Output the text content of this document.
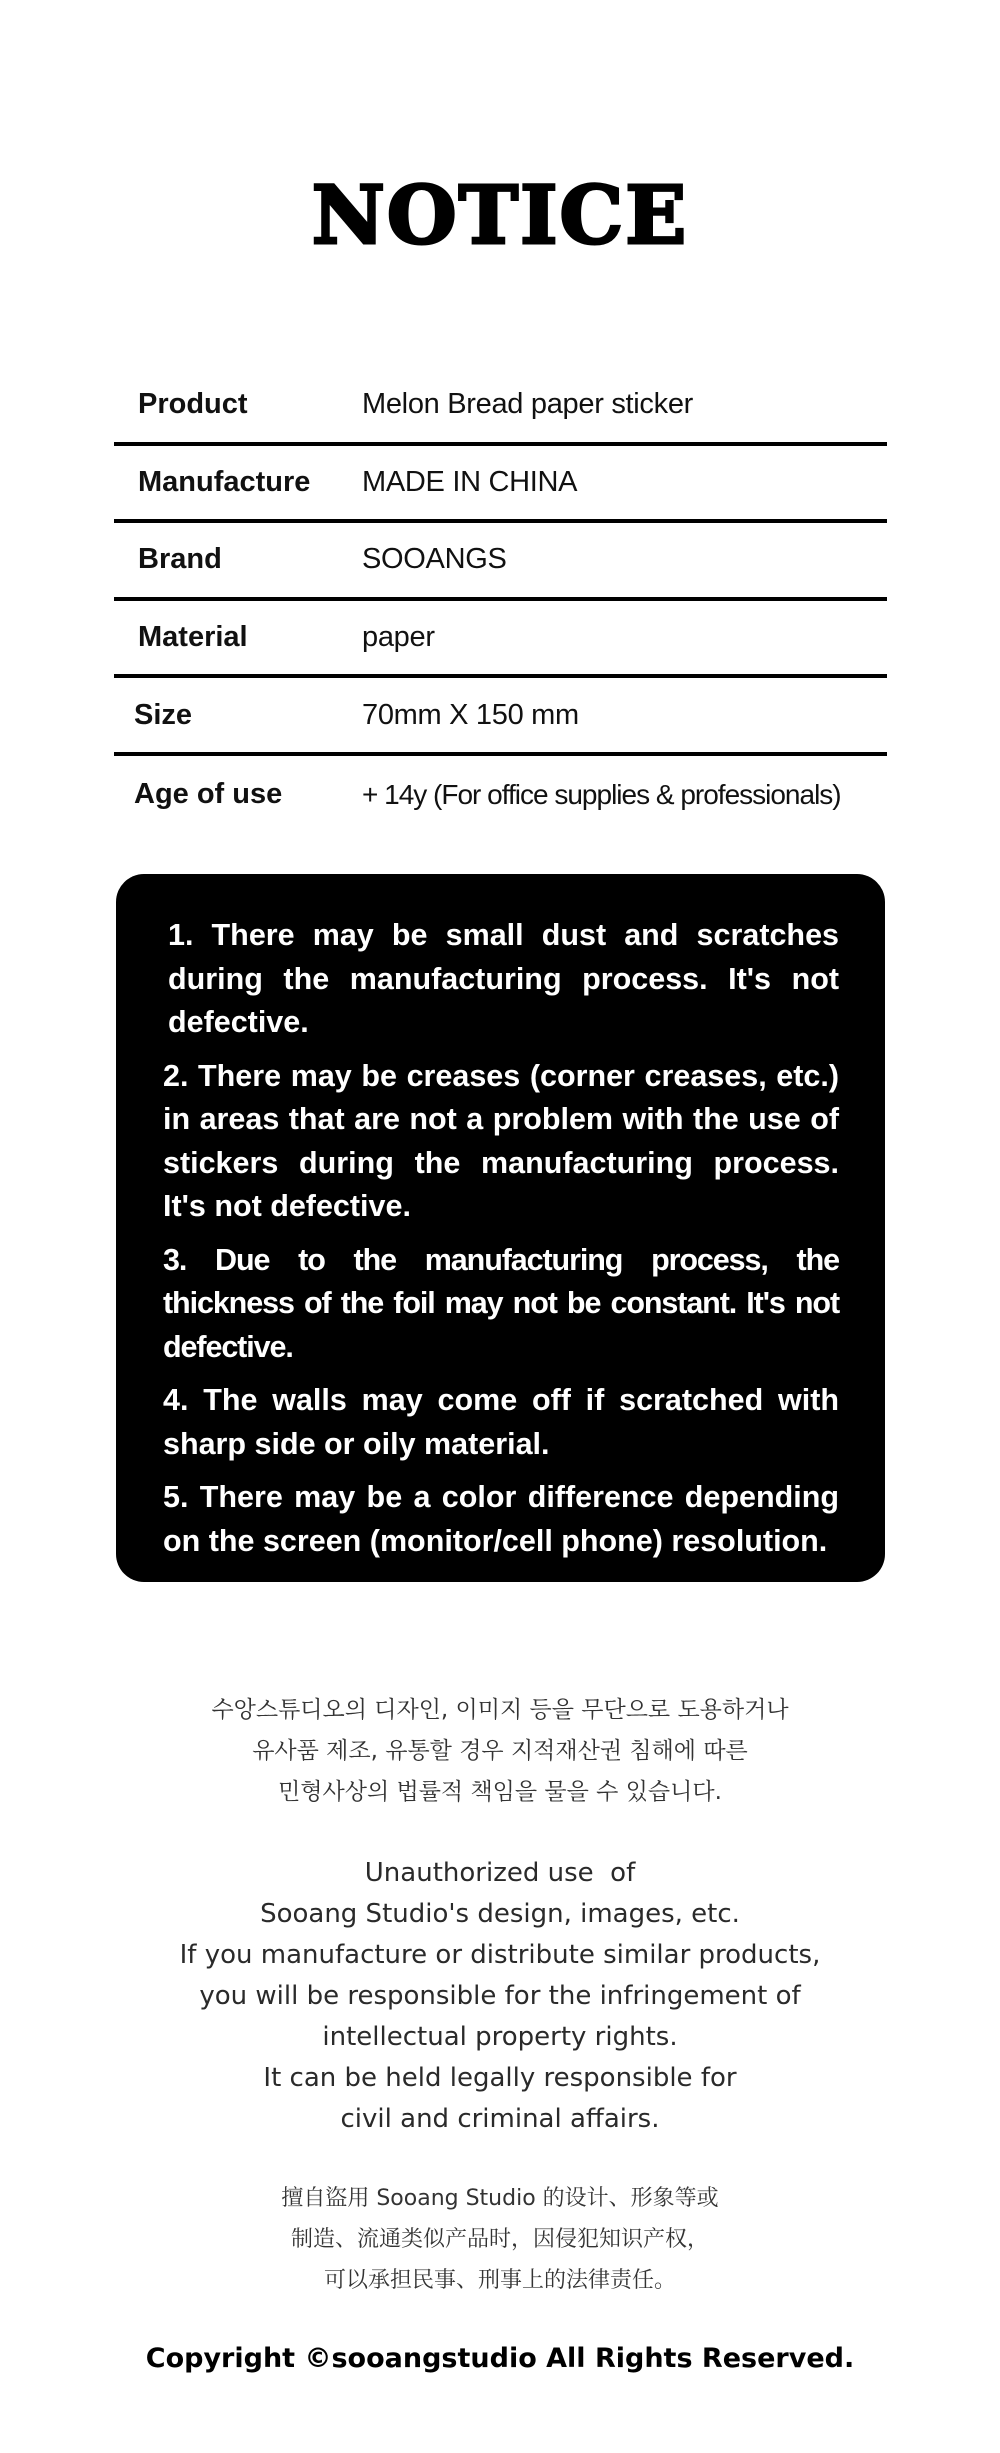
NOTICE
Product	Melon Bread paper sticker
Manufacture	MADE IN CHINA
Brand	SOOANGS
Material	paper
Size	70mm X 150 mm
Age of use	+ 14y (For office supplies & professionals)

1. There may be small dust and scratches during the manufacturing process. It's not defective.

2. There may be creases (corner creases, etc.) in areas that are not a problem with the use of stickers during the manufacturing process. It's not defective.

3. Due to the manufacturing process, the thickness of the foil may not be constant. It's not defective.

4. The walls may come off if scratched with sharp side or oily material.

5. There may be a color difference depending on the screen (monitor/cell phone) resolution.

6. Children under the age of 13 may not be used.

수앙스튜디오의 디자인, 이미지 등을 무단으로 도용하거나
유사품 제조, 유통할 경우 지적재산권 침해에 따른
민형사상의 법률적 책임을 물을 수 있습니다.
Unauthorized use  of
Sooang Studio's design, images, etc.
If you manufacture or distribute similar products,
you will be responsible for the infringement of
intellectual property rights.
It can be held legally responsible for
civil and criminal affairs.
擅自盜用 Sooang Studio 的设计、形象等或
制造、流通类似产品时，因侵犯知识产权，
可以承担民事、刑事上的法律责任。
Copyright ©sooangstudio All Rights Reserved.
